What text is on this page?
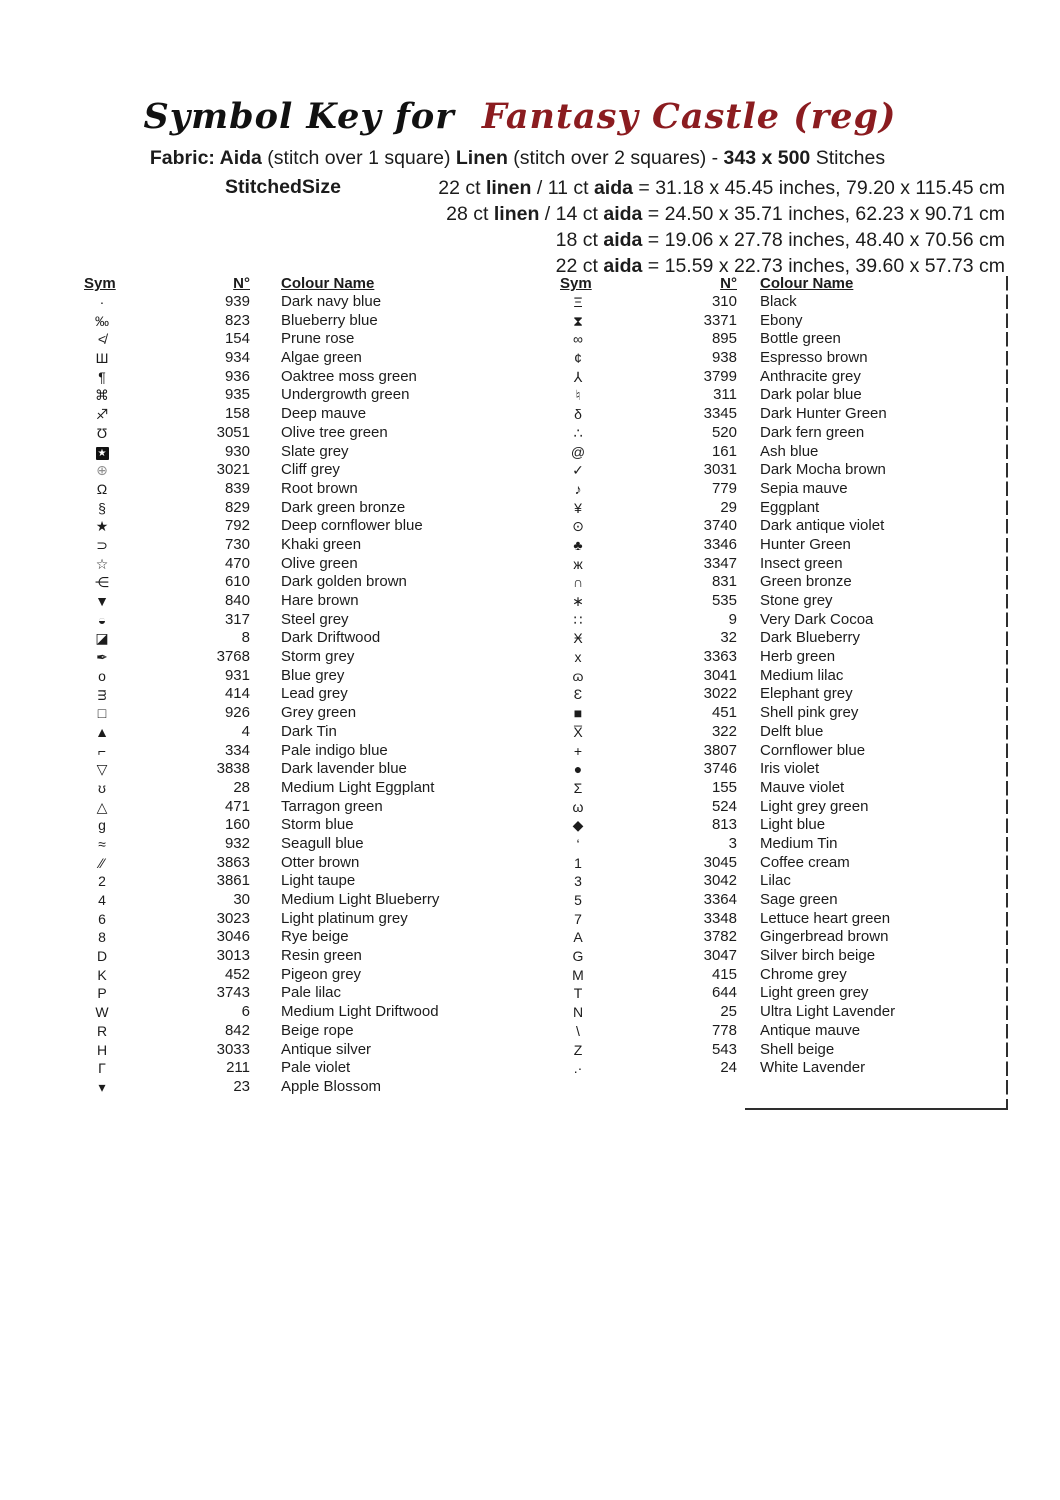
Symbol Key for Fantasy Castle (reg)
Fabric: Aida (stitch over 1 square) Linen (stitch over 2 squares) - 343 x 500 Stitches
StitchedSize	22 ct linen / 11 ct aida = 31.18 x 45.45 inches, 79.20 x 115.45 cm
28 ct linen / 14 ct aida = 24.50 x 35.71 inches, 62.23 x 90.71 cm
18 ct aida = 19.06 x 27.78 inches, 48.40 x 70.56 cm
22 ct aida = 15.59 x 22.73 inches, 39.60 x 57.73 cm
Sym	N° Colour Name
·	939 Dark navy blue
‰	823 Blueberry blue
≮	154 Prune rose
Ш	934 Algae green
¶	936 Oaktree moss green
⌘	935 Undergrowth green
♐	158 Deep mauve
Ʊ	3051 Olive tree green
★	930 Slate grey
⊕	3021 Cliff grey
Ω	839 Root brown
§	829 Dark green bronze
★	792 Deep cornflower blue
⊃	730 Khaki green
☆	470 Olive green
⋲	610 Dark golden brown
▼	840 Hare brown
◒	317 Steel grey
◪	8 Dark Driftwood
✒	3768 Storm grey
o	931 Blue grey
ᴟ	414 Lead grey
□	926 Grey green
▲	4 Dark Tin
⌐	334 Pale indigo blue
▽	3838 Dark lavender blue
ʊ	28 Medium Light Eggplant
△	471 Tarragon green
g	160 Storm blue
≈	932 Seagull blue
⁄⁄	3863 Otter brown
2	3861 Light taupe
4	30 Medium Light Blueberry
6	3023 Light platinum grey
8	3046 Rye beige
D	3013 Resin green
K	452 Pigeon grey
P	3743 Pale lilac
W	6 Medium Light Driftwood
R	842 Beige rope
H	3033 Antique silver
Γ	211 Pale violet
▾	23 Apple Blossom
Sym	N° Colour Name
Ξ	310 Black
⧗	3371 Ebony
∞	895 Bottle green
¢	938 Espresso brown
⅄	3799 Anthracite grey
♮	311 Dark polar blue
δ	3345 Dark Hunter Green
∴	520 Dark fern green
@	161 Ash blue
✓	3031 Dark Mocha brown
♪	779 Sepia mauve
¥	29 Eggplant
⊙	3740 Dark antique violet
♣	3346 Hunter Green
ж	3347 Insect green
∩	831 Green bronze
∗	535 Stone grey
∷	9 Very Dark Cocoa
Ӿ	32 Dark Blueberry
x	3363 Herb green
ɷ	3041 Medium lilac
Ɛ	3022 Elephant grey
■	451 Shell pink grey
X̅	322 Delft blue
+	3807 Cornflower blue
●	3746 Iris violet
Σ	155 Mauve violet
ω	524 Light grey green
◆	813 Light blue
‘	3 Medium Tin
1	3045 Coffee cream
3	3042 Lilac
5	3364 Sage green
7	3348 Lettuce heart green
A	3782 Gingerbread brown
G	3047 Silver birch beige
M	415 Chrome grey
T	644 Light green grey
N	25 Ultra Light Lavender
\	778 Antique mauve
Z	543 Shell beige
.·	24 White Lavender
